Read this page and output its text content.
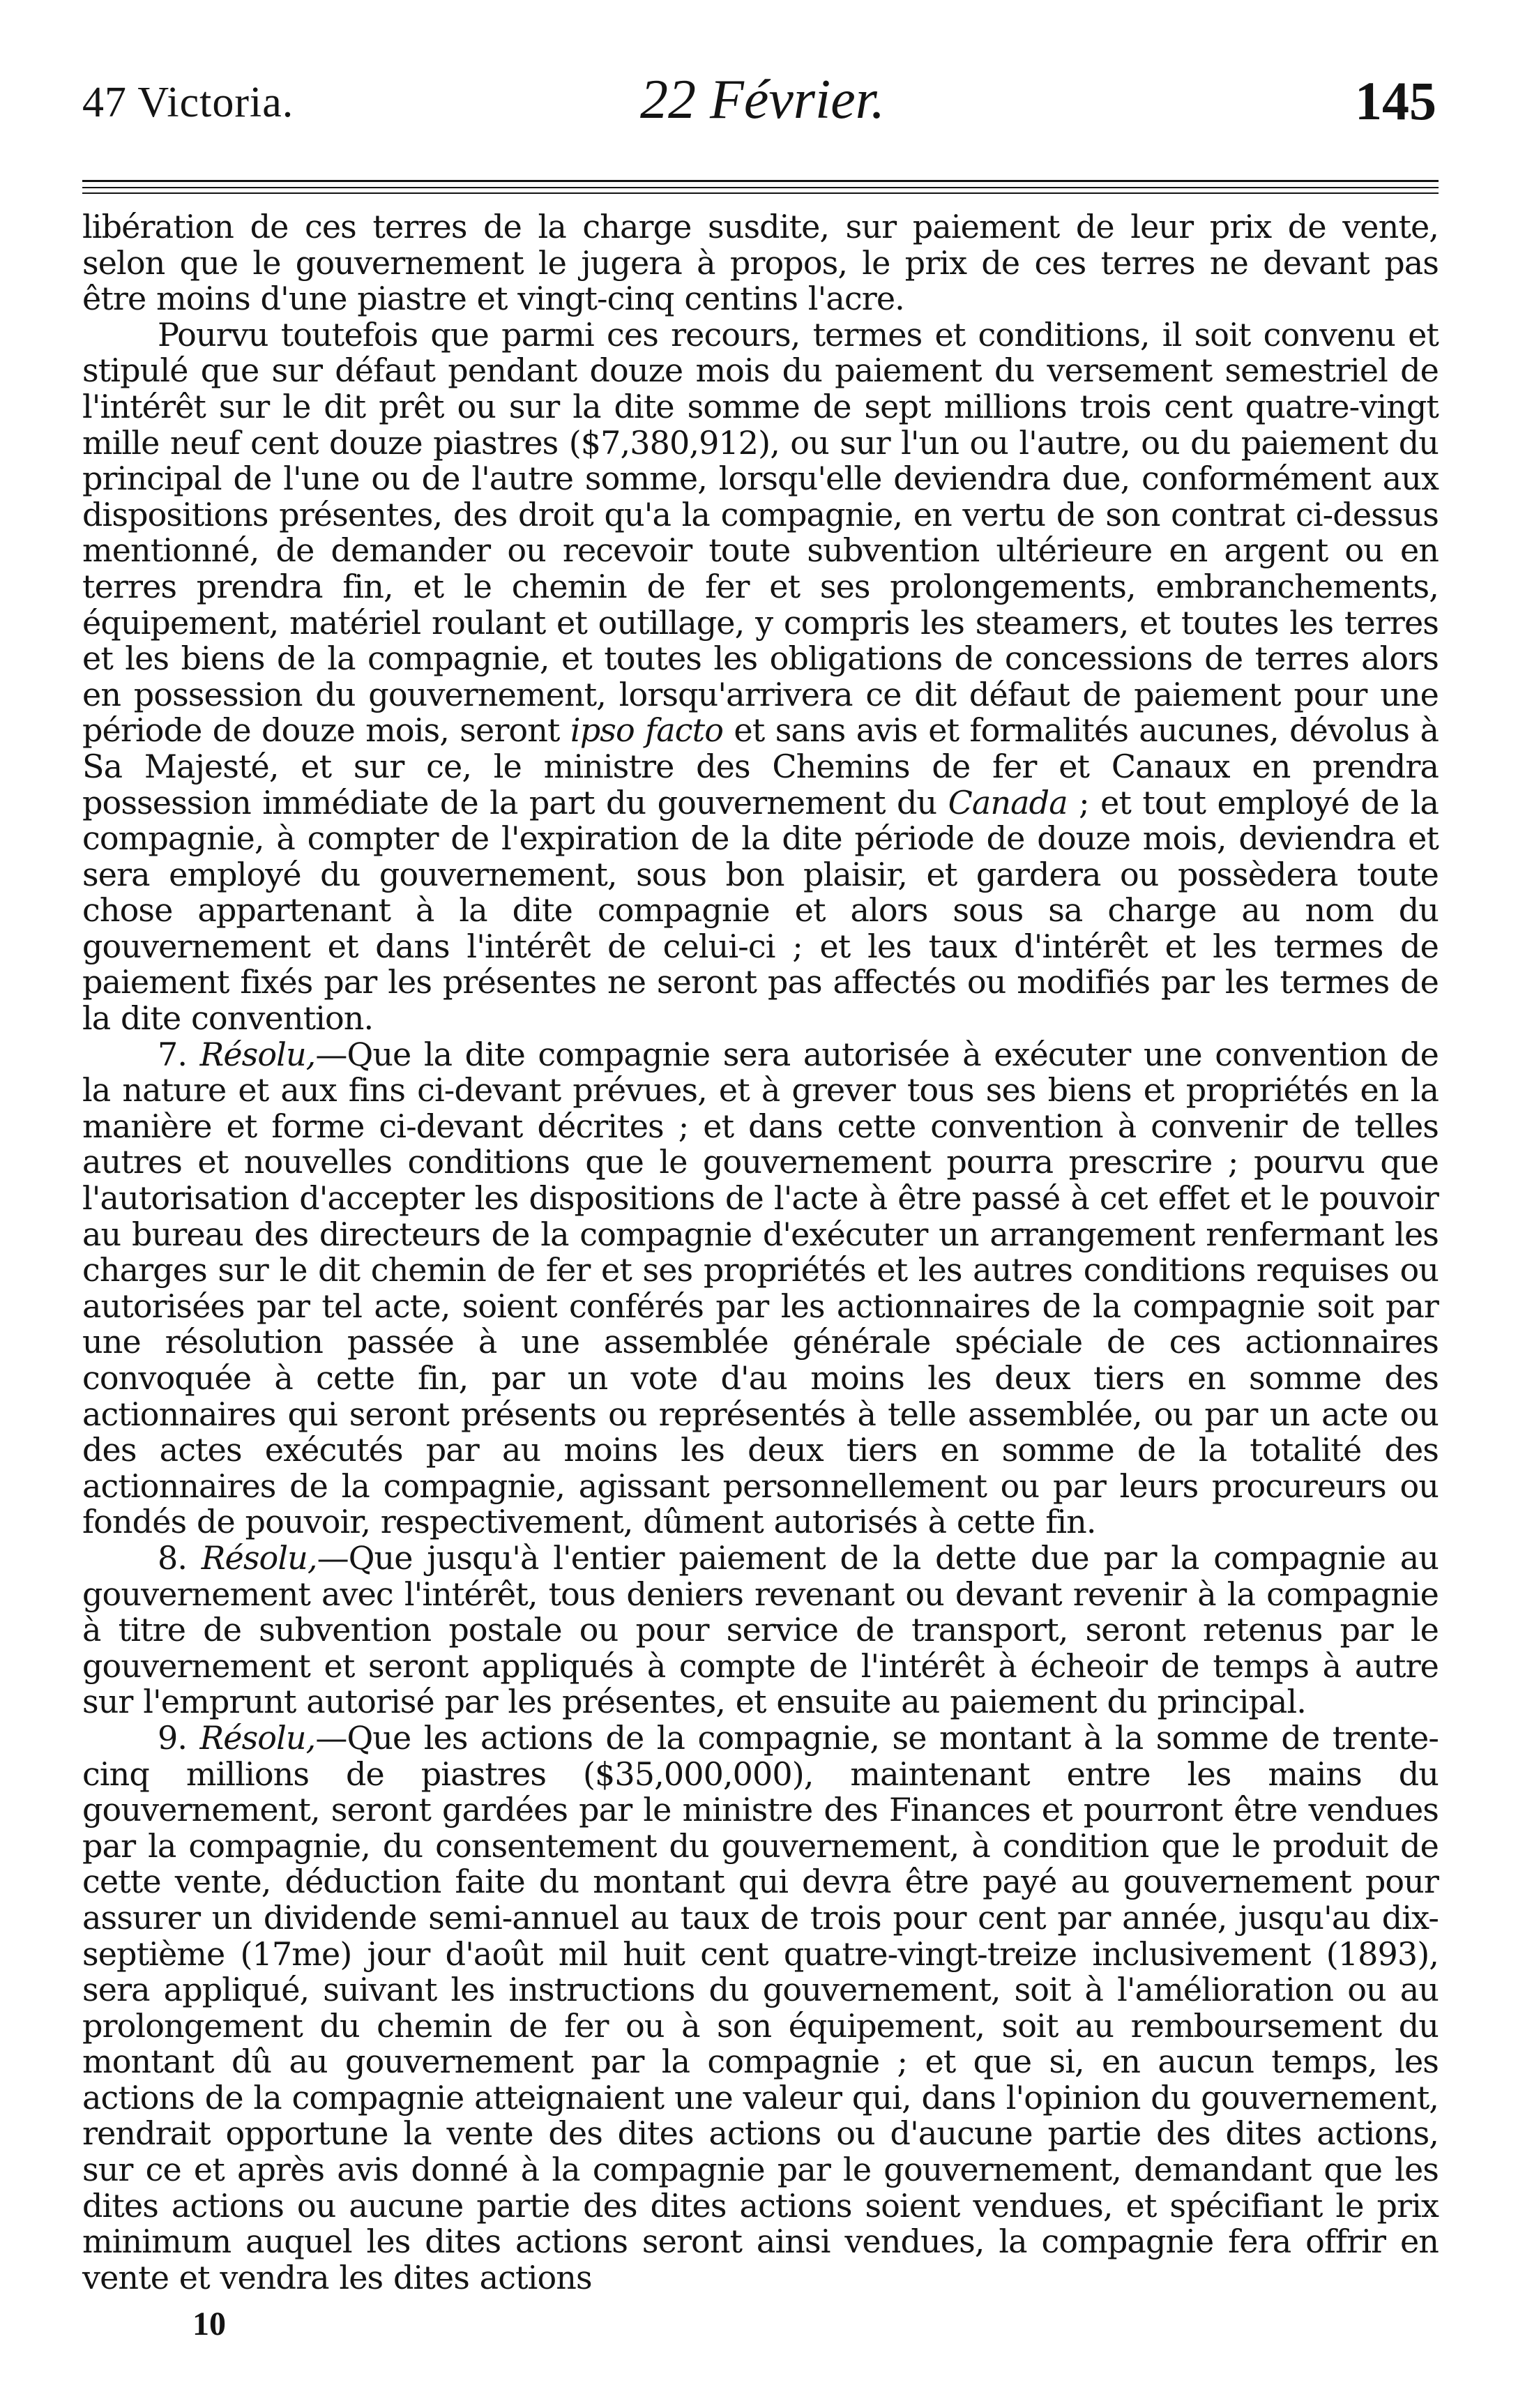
47 Victoria.	22 Février.	145

libération de ces terres de la charge susdite, sur paiement de leur prix de vente, selon que le gouvernement le jugera à propos, le prix de ces terres ne devant pas être moins d'une piastre et vingt-cinq centins l'acre.

Pourvu toutefois que parmi ces recours, termes et conditions, il soit convenu et stipulé que sur défaut pendant douze mois du paiement du versement semestriel de l'intérêt sur le dit prêt ou sur la dite somme de sept millions trois cent quatre-vingt mille neuf cent douze piastres ($7,380,912), ou sur l'un ou l'autre, ou du paiement du principal de l'une ou de l'autre somme, lorsqu'elle deviendra due, conformément aux dispositions présentes, des droit qu'a la compagnie, en vertu de son contrat ci-dessus mentionné, de demander ou recevoir toute subvention ultérieure en argent ou en terres prendra fin, et le chemin de fer et ses prolongements, embranchements, équipement, matériel roulant et outillage, y compris les steamers, et toutes les terres et les biens de la compagnie, et toutes les obligations de concessions de terres alors en possession du gouvernement, lorsqu'arrivera ce dit défaut de paiement pour une période de douze mois, seront ipso facto et sans avis et formalités aucunes, dévolus à Sa Majesté, et sur ce, le ministre des Chemins de fer et Canaux en prendra possession immédiate de la part du gouvernement du Canada ; et tout employé de la compagnie, à compter de l'expiration de la dite période de douze mois, deviendra et sera employé du gouvernement, sous bon plaisir, et gardera ou possèdera toute chose appartenant à la dite compagnie et alors sous sa charge au nom du gouvernement et dans l'intérêt de celui-ci ; et les taux d'intérêt et les termes de paiement fixés par les présentes ne seront pas affectés ou modifiés par les termes de la dite convention.

7. Résolu,—Que la dite compagnie sera autorisée à exécuter une convention de la nature et aux fins ci-devant prévues, et à grever tous ses biens et propriétés en la manière et forme ci-devant décrites ; et dans cette convention à convenir de telles autres et nouvelles conditions que le gouvernement pourra prescrire ; pourvu que l'autorisation d'accepter les dispositions de l'acte à être passé à cet effet et le pouvoir au bureau des directeurs de la compagnie d'exécuter un arrangement renfermant les charges sur le dit chemin de fer et ses propriétés et les autres conditions requises ou autorisées par tel acte, soient conférés par les actionnaires de la compagnie soit par une résolution passée à une assemblée générale spéciale de ces actionnaires convoquée à cette fin, par un vote d'au moins les deux tiers en somme des actionnaires qui seront présents ou représentés à telle assemblée, ou par un acte ou des actes exécutés par au moins les deux tiers en somme de la totalité des actionnaires de la compagnie, agissant personnellement ou par leurs procureurs ou fondés de pouvoir, respectivement, dûment autorisés à cette fin.

8. Résolu,—Que jusqu'à l'entier paiement de la dette due par la compagnie au gouvernement avec l'intérêt, tous deniers revenant ou devant revenir à la compagnie à titre de subvention postale ou pour service de transport, seront retenus par le gouvernement et seront appliqués à compte de l'intérêt à écheoir de temps à autre sur l'emprunt autorisé par les présentes, et ensuite au paiement du principal.

9. Résolu,—Que les actions de la compagnie, se montant à la somme de trente-cinq millions de piastres ($35,000,000), maintenant entre les mains du gouvernement, seront gardées par le ministre des Finances et pourront être vendues par la compagnie, du consentement du gouvernement, à condition que le produit de cette vente, déduction faite du montant qui devra être payé au gouvernement pour assurer un dividende semi-annuel au taux de trois pour cent par année, jusqu'au dix-septième (17me) jour d'août mil huit cent quatre-vingt-treize inclusivement (1893), sera appliqué, suivant les instructions du gouvernement, soit à l'amélioration ou au prolongement du chemin de fer ou à son équipement, soit au remboursement du montant dû au gouvernement par la compagnie ; et que si, en aucun temps, les actions de la compagnie atteignaient une valeur qui, dans l'opinion du gouvernement, rendrait opportune la vente des dites actions ou d'aucune partie des dites actions, sur ce et après avis donné à la compagnie par le gouvernement, demandant que les dites actions ou aucune partie des dites actions soient vendues, et spécifiant le prix minimum auquel les dites actions seront ainsi vendues, la compagnie fera offrir en vente et vendra les dites actions

10
